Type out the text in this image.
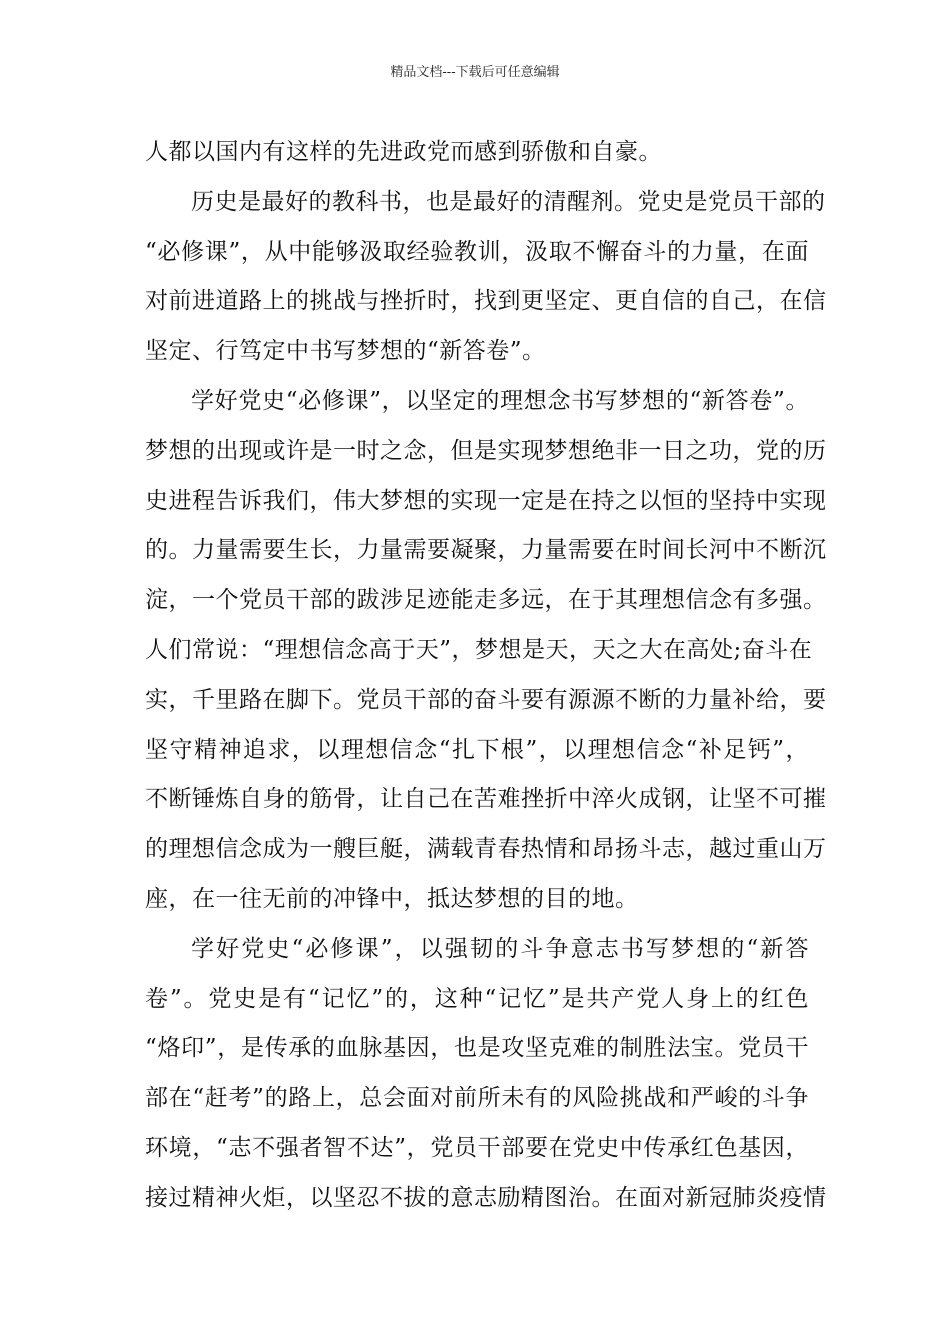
精品文档---下载后可任意编辑
人都以国内有这样的先进政党而感到骄傲和自豪。
历史是最好的教科书，也是最好的清醒剂。党史是党员干部的
“必修课”，从中能够汲取经验教训，汲取不懈奋斗的力量，在面
对前进道路上的挑战与挫折时，找到更坚定、更自信的自己，在信
坚定、行笃定中书写梦想的“新答卷”。
学好党史“必修课”，以坚定的理想念书写梦想的“新答卷”。
梦想的出现或许是一时之念，但是实现梦想绝非一日之功，党的历
史进程告诉我们，伟大梦想的实现一定是在持之以恒的坚持中实现
的。力量需要生长，力量需要凝聚，力量需要在时间长河中不断沉
淀，一个党员干部的跋涉足迹能走多远，在于其理想信念有多强。
人们常说：“理想信念高于天”，梦想是天，天之大在高处;奋斗在
实，千里路在脚下。党员干部的奋斗要有源源不断的力量补给，要
坚守精神追求，以理想信念“扎下根”，以理想信念“补足钙”，
不断锤炼自身的筋骨，让自己在苦难挫折中淬火成钢，让坚不可摧
的理想信念成为一艘巨艇，满载青春热情和昂扬斗志，越过重山万
座，在一往无前的冲锋中，抵达梦想的目的地。
学好党史“必修课”，以强韧的斗争意志书写梦想的“新答
卷”。党史是有“记忆”的，这种“记忆”是共产党人身上的红色
“烙印”，是传承的血脉基因，也是攻坚克难的制胜法宝。党员干
部在“赶考”的路上，总会面对前所未有的风险挑战和严峻的斗争
环境，“志不强者智不达”，党员干部要在党史中传承红色基因，
接过精神火炬，以坚忍不拔的意志励精图治。在面对新冠肺炎疫情
